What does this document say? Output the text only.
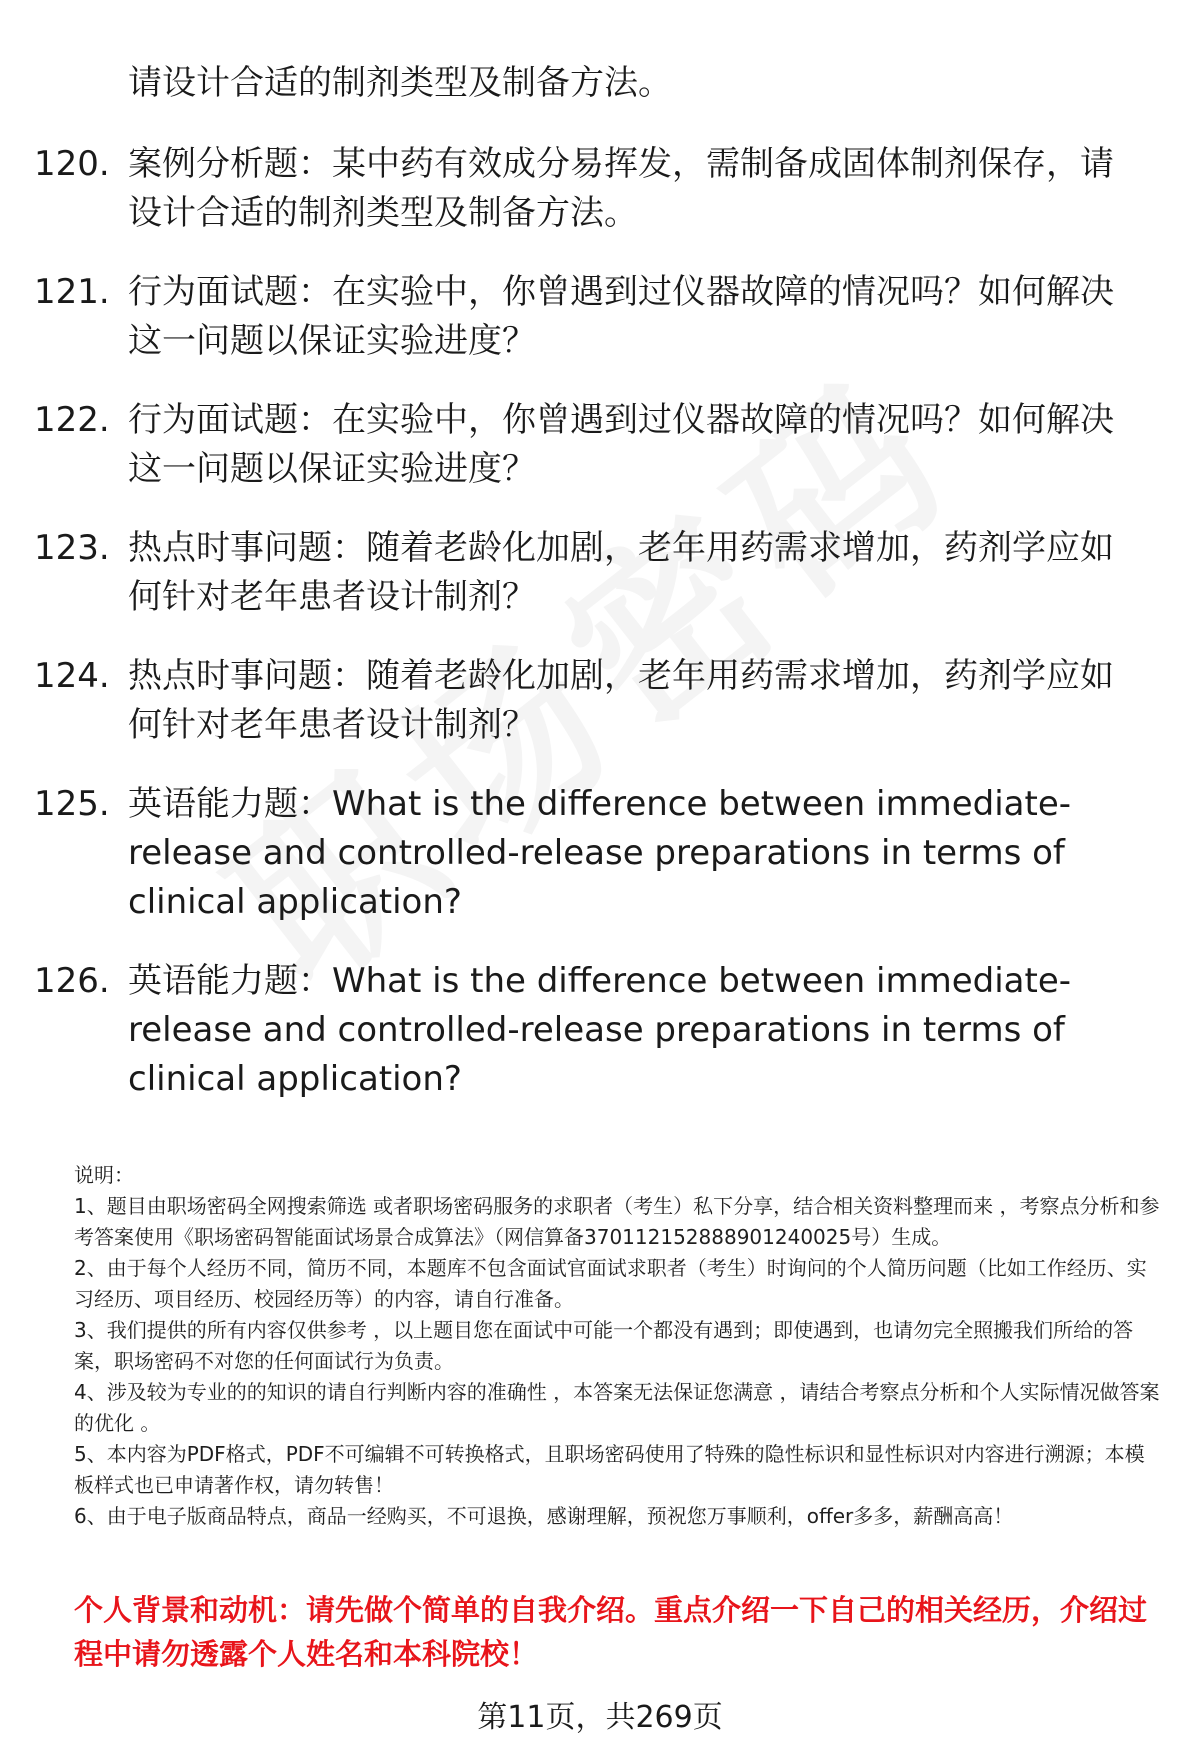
请设计合适的制剂类型及制备方法。
120. 案例分析题：某中药有效成分易挥发，需制备成固体制剂保存，请设计合适的制剂类型及制备方法。
121. 行为面试题：在实验中，你曾遇到过仪器故障的情况吗？如何解决这一问题以保证实验进度？
122. 行为面试题：在实验中，你曾遇到过仪器故障的情况吗？如何解决这一问题以保证实验进度？
123. 热点时事问题：随着老龄化加剧，老年用药需求增加，药剂学应如何针对老年患者设计制剂？
124. 热点时事问题：随着老龄化加剧，老年用药需求增加，药剂学应如何针对老年患者设计制剂？
125. 英语能力题：What is the difference between immediate-release and controlled-release preparations in terms of clinical application?
126. 英语能力题：What is the difference between immediate-release and controlled-release preparations in terms of clinical application?

说明：

1、题目由职场密码全网搜索筛选 或者职场密码服务的求职者（考生）私下分享，结合相关资料整理而来 ，考察点分析和参考答案使用《职场密码智能面试场景合成算法》（网信算备370112152888901240025号）生成。

2、由于每个人经历不同，简历不同，本题库不包含面试官面试求职者（考生）时询问的个人简历问题（比如工作经历、实习经历、项目经历、校园经历等）的内容，请自行准备。

3、我们提供的所有内容仅供参考 ，以上题目您在面试中可能一个都没有遇到；即使遇到，也请勿完全照搬我们所给的答案，职场密码不对您的任何面试行为负责。

4、涉及较为专业的的知识的请自行判断内容的准确性 ，本答案无法保证您满意 ，请结合考察点分析和个人实际情况做答案的优化 。

5、本内容为PDF格式，PDF不可编辑不可转换格式，且职场密码使用了特殊的隐性标识和显性标识对内容进行溯源；本模板样式也已申请著作权，请勿转售！

6、由于电子版商品特点，商品一经购买，不可退换，感谢理解，预祝您万事顺利，offer多多，薪酬高高！

个人背景和动机：请先做个简单的自我介绍。重点介绍一下自己的相关经历，介绍过程中请勿透露个人姓名和本科院校！
第11页，共269页
